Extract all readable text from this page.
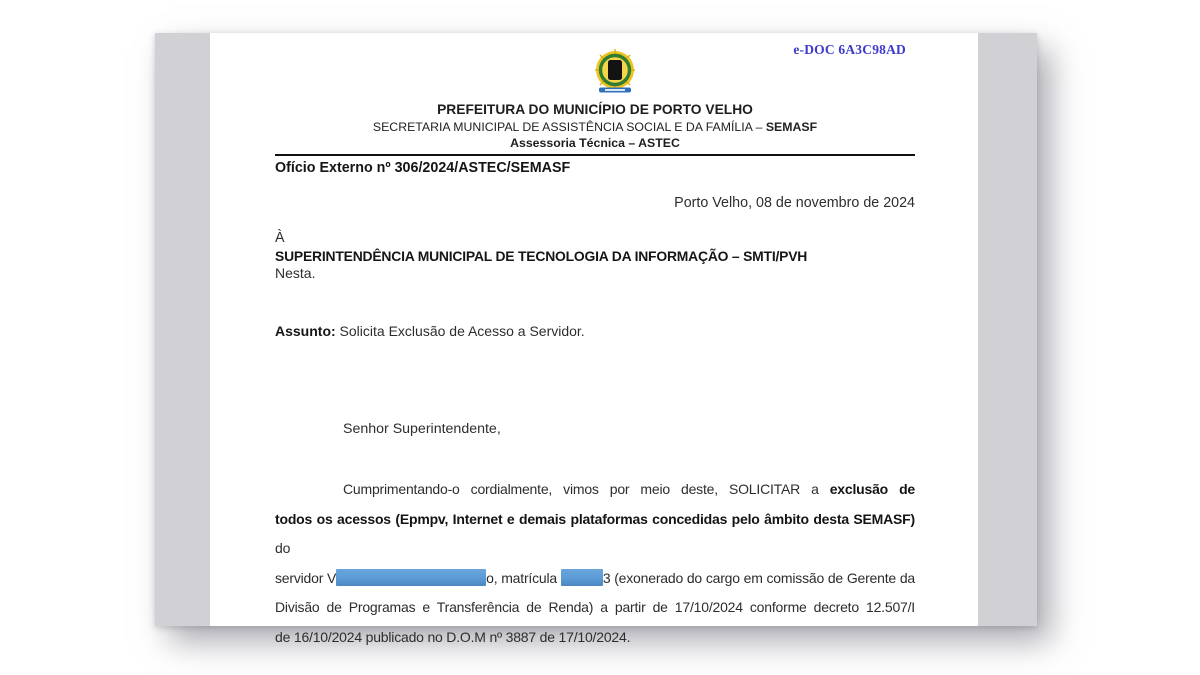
e-DOC 6A3C98AD
PREFEITURA DO MUNICÍPIO DE PORTO VELHO
SECRETARIA MUNICIPAL DE ASSISTÊNCIA SOCIAL E DA FAMÍLIA – SEMASF
Assessoria Técnica – ASTEC
Ofício Externo nº 306/2024/ASTEC/SEMASF
Porto Velho, 08 de novembro de 2024
À
SUPERINTENDÊNCIA MUNICIPAL DE TECNOLOGIA DA INFORMAÇÃO – SMTI/PVH
Nesta.
Assunto: Solicita Exclusão de Acesso a Servidor.
Senhor Superintendente,
Cumprimentando-o cordialmente, vimos por meio deste, SOLICITAR a exclusão de
todos os acessos (Epmpv, Internet e demais plataformas concedidas pelo âmbito desta SEMASF) do
servidor V	o, matrícula	3 (exonerado do cargo em comissão de Gerente da
Divisão de Programas e Transferência de Renda) a partir de 17/10/2024 conforme decreto 12.507/I
de 16/10/2024 publicado no D.O.M nº 3887 de 17/10/2024.
